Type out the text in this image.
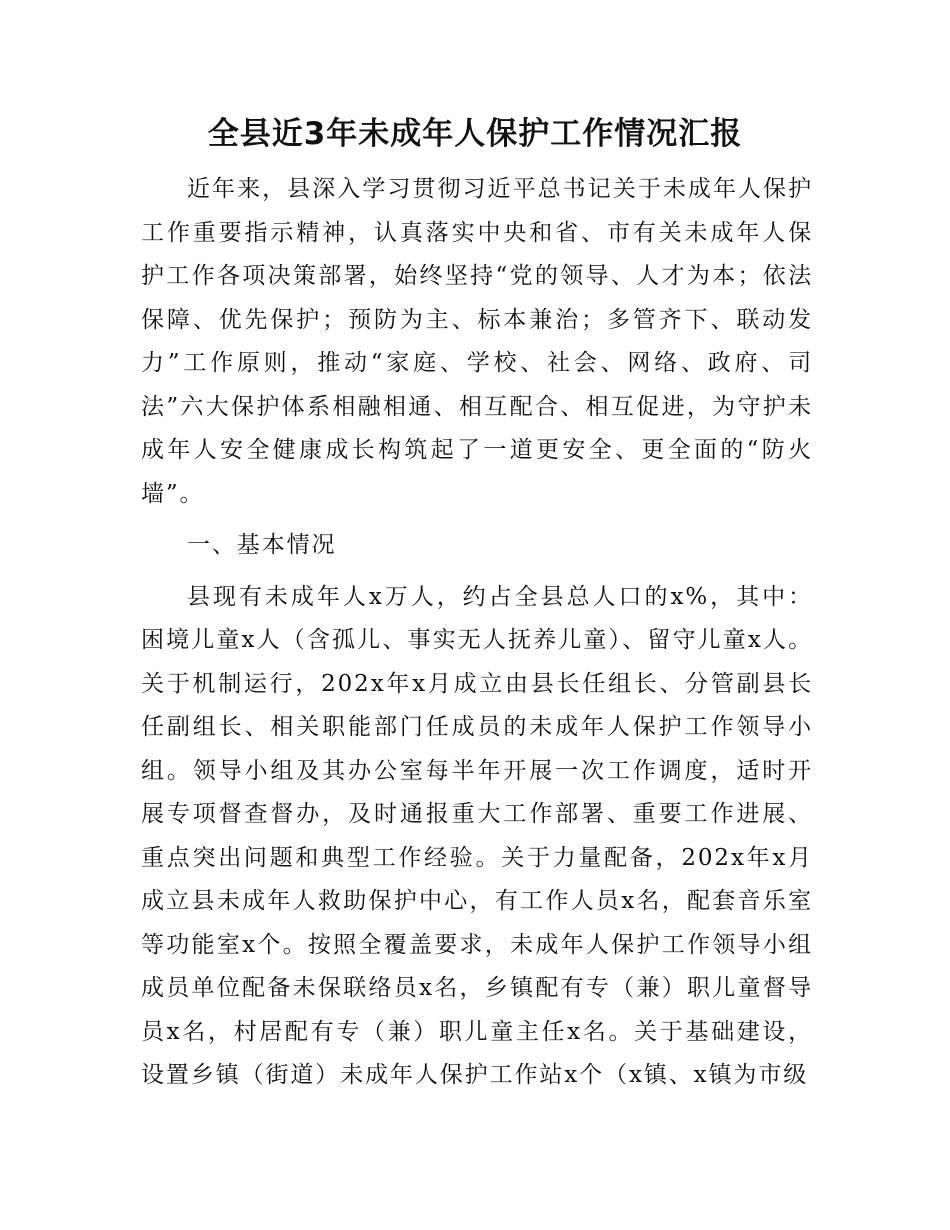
全县近3年未成年人保护工作情况汇报

近年来，县深入学习贯彻习近平总书记关于未成年人保护工作重要指示精神，认真落实中央和省、市有关未成年人保护工作各项决策部署，始终坚持“党的领导、人才为本；依法保障、优先保护；预防为主、标本兼治；多管齐下、联动发力”工作原则，推动“家庭、学校、社会、网络、政府、司法”六大保护体系相融相通、相互配合、相互促进，为守护未成年人安全健康成长构筑起了一道更安全、更全面的“防火墙”。

一、基本情况

县现有未成年人x万人，约占全县总人口的x%，其中：困境儿童x人（含孤儿、事实无人抚养儿童）、留守儿童x人。关于机制运行，202x年x月成立由县长任组长、分管副县长任副组长、相关职能部门任成员的未成年人保护工作领导小组。领导小组及其办公室每半年开展一次工作调度，适时开展专项督查督办，及时通报重大工作部署、重要工作进展、重点突出问题和典型工作经验。关于力量配备，202x年x月成立县未成年人救助保护中心，有工作人员x名，配套音乐室等功能室x个。按照全覆盖要求，未成年人保护工作领导小组成员单位配备未保联络员x名，乡镇配有专（兼）职儿童督导员x名，村居配有专（兼）职儿童主任x名。关于基础建设，设置乡镇（街道）未成年人保护工作站x个（x镇、x镇为市级
